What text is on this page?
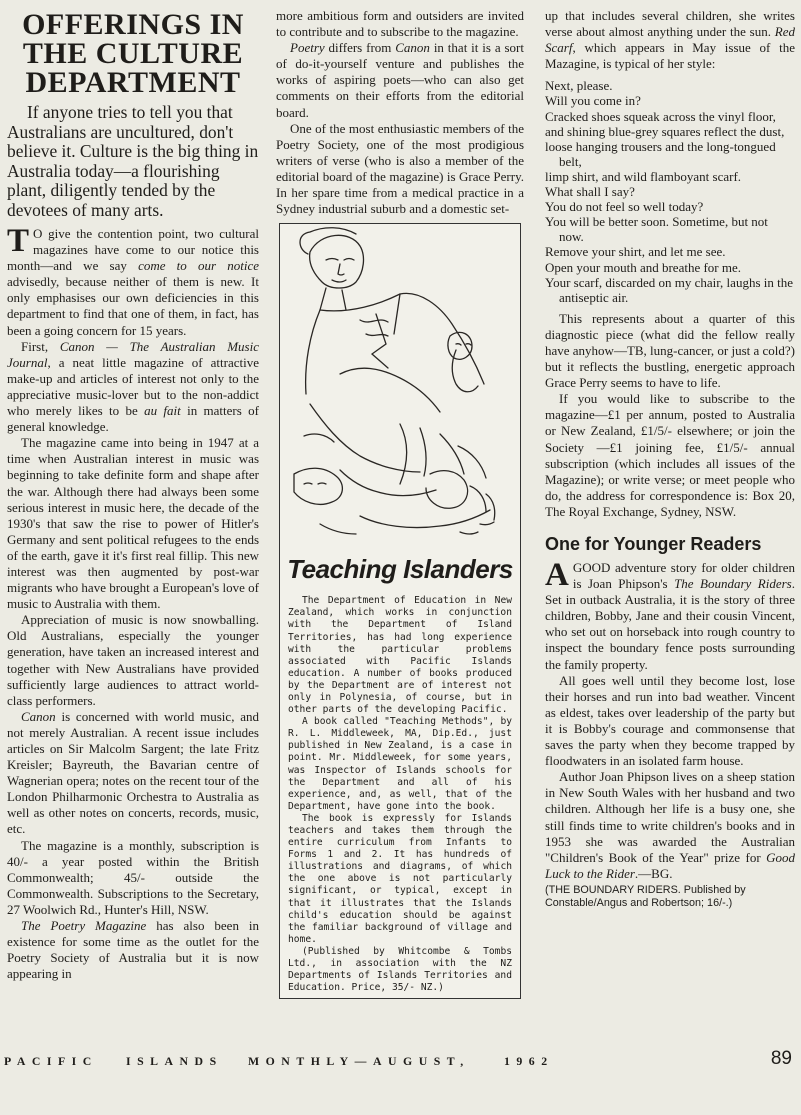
OFFERINGS IN THE CULTURE DEPARTMENT
If anyone tries to tell you that Australians are uncultured, don't believe it. Culture is the big thing in Australia today—a flourishing plant, diligently tended by the devotees of many arts.

T O give the contention point, two cultural magazines have come to our notice this month—and we say come to our notice advisedly, because neither of them is new. It only emphasises our own deficiencies in this department to find that one of them, in fact, has been a going concern for 15 years.

First, Canon — The Australian Music Journal, a neat little magazine of attractive make-up and articles of interest not only to the appreciative music-lover but to the non-addict who merely likes to be au fait in matters of general knowledge.

The magazine came into being in 1947 at a time when Australian interest in music was beginning to take definite form and shape after the war. Although there had always been some serious interest in music here, the decade of the 1930's that saw the rise to power of Hitler's Germany and sent political refugees to the ends of the earth, gave it it's first real fillip. This new interest was then augmented by post-war migrants who have brought a European's love of music to Australia with them.

Appreciation of music is now snowballing. Old Australians, especially the younger generation, have taken an increased interest and together with New Australians have provided sufficiently large audiences to attract world-class performers.

Canon is concerned with world music, and not merely Australian. A recent issue includes articles on Sir Malcolm Sargent; the late Fritz Kreisler; Bayreuth, the Bavarian centre of Wagnerian opera; notes on the recent tour of the London Philharmonic Orchestra to Australia as well as other notes on concerts, records, music, etc.

The magazine is a monthly, subscription is 40/- a year posted within the British Commonwealth; 45/- outside the Commonwealth. Subscriptions to the Secretary, 27 Woolwich Rd., Hunter's Hill, NSW.

The Poetry Magazine has also been in existence for some time as the outlet for the Poetry Society of Australia but it is now appearing in

more ambitious form and outsiders are invited to contribute and to subscribe to the magazine.

Poetry differs from Canon in that it is a sort of do-it-yourself venture and publishes the works of aspiring poets—who can also get comments on their efforts from the editorial board.

One of the most enthusiastic members of the Poetry Society, one of the most prodigious writers of verse (who is also a member of the editorial board of the magazine) is Grace Perry. In her spare time from a medical practice in a Sydney industrial suburb and a domestic set-

Teaching Islanders

The Department of Education in New Zealand, which works in conjunction with the Department of Island Territories, has had long experience with the particular problems associated with Pacific Islands education. A number of books produced by the Department are of interest not only in Polynesia, of course, but in other parts of the developing Pacific.

A book called "Teaching Methods", by R. L. Middleweek, MA, Dip.Ed., just published in New Zealand, is a case in point. Mr. Middleweek, for some years, was Inspector of Islands schools for the Department and all of his experience, and, as well, that of the Department, have gone into the book.

The book is expressly for Islands teachers and takes them through the entire curriculum from Infants to Forms 1 and 2. It has hundreds of illustrations and diagrams, of which the one above is not particularly significant, or typical, except in that it illustrates that the Islands child's education should be against the familiar background of village and home.

(Published by Whitcombe & Tombs Ltd., in association with the NZ Departments of Islands Territories and Education. Price, 35/- NZ.)

up that includes several children, she writes verse about almost anything under the sun. Red Scarf, which appears in May issue of the Mazagine, is typical of her style:

Next, please.
Will you come in?
Cracked shoes squeak across the vinyl floor,
and shining blue-grey squares reflect the dust,
loose hanging trousers and the long-tongued belt,
limp shirt, and wild flamboyant scarf.
What shall I say?
You do not feel so well today?
You will be better soon. Sometime, but not now.
Remove your shirt, and let me see.
Open your mouth and breathe for me.
Your scarf, discarded on my chair, laughs in the antiseptic air.

This represents about a quarter of this diagnostic piece (what did the fellow really have anyhow—TB, lung-cancer, or just a cold?) but it reflects the bustling, energetic approach Grace Perry seems to have to life.

If you would like to subscribe to the magazine—£1 per annum, posted to Australia or New Zealand, £1/5/- elsewhere; or join the Society —£1 joining fee, £1/5/- annual subscription (which includes all issues of the Magazine); or write verse; or meet people who do, the address for correspondence is: Box 20, The Royal Exchange, Sydney, NSW.

One for Younger Readers

A GOOD adventure story for older children is Joan Phipson's The Boundary Riders. Set in outback Australia, it is the story of three children, Bobby, Jane and their cousin Vincent, who set out on horseback into rough country to inspect the boundary fence posts surrounding the family property.

All goes well until they become lost, lose their horses and run into bad weather. Vincent as eldest, takes over leadership of the party but it is Bobby's courage and commonsense that saves the party when they become trapped by floodwaters in an isolated farm house.

Author Joan Phipson lives on a sheep station in New South Wales with her husband and two children. Although her life is a busy one, she still finds time to write children's books and in 1953 she was awarded the Australian "Children's Book of the Year" prize for Good Luck to the Rider.—BG.

(THE BOUNDARY RIDERS. Published by Constable/Angus and Robertson; 16/-.)
PACIFIC ISLANDS MONTHLY—AUGUST,	1962	89
